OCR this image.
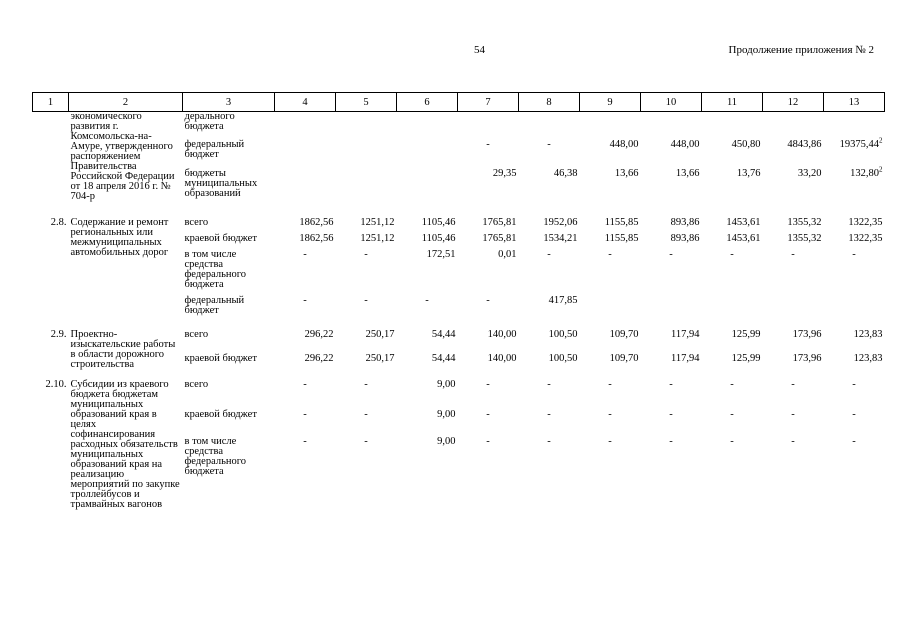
54	Продолжение приложения № 2
1	2	3	4	5	6	7	8	9	10	11	12	13
	экономического развития г. Комсомольска-на-Амуре, утвержденного распоряжением Правительства Российской Федерации от 18 апреля 2016 г. № 704-р	дерального бюджета										
		федеральный бюджет				-	-	448,00	448,00	450,80	4843,86	19375,44$^2$
		бюджеты муниципальных образований				29,35	46,38	13,66	13,66	13,76	33,20	132,80$^2$
2.8.	Содержание и ремонт региональных или межмуниципальных автомобильных дорог	всего	1862,56	1251,12	1105,46	1765,81	1952,06	1155,85	893,86	1453,61	1355,32	1322,35
		краевой бюджет	1862,56	1251,12	1105,46	1765,81	1534,21	1155,85	893,86	1453,61	1355,32	1322,35
		в том числе средства федерального бюджета	-	-	172,51	0,01	-	-	-	-	-	-
		федеральный бюджет	-	-	-	-	417,85					
2.9.	Проектно-изыскательские работы в области дорожного строительства	всего	296,22	250,17	54,44	140,00	100,50	109,70	117,94	125,99	173,96	123,83
		краевой бюджет	296,22	250,17	54,44	140,00	100,50	109,70	117,94	125,99	173,96	123,83
2.10.	Субсидии из краевого бюджета бюджетам муниципальных образований края в целях софинансирования расходных обязательств муниципальных образований края на реализацию мероприятий по закупке троллейбусов и трамвайных вагонов	всего	-	-	9,00	-	-	-	-	-	-	-
		краевой бюджет	-	-	9,00	-	-	-	-	-	-	-
		в том числе средства федерального бюджета	-	-	9,00	-	-	-	-	-	-	-
